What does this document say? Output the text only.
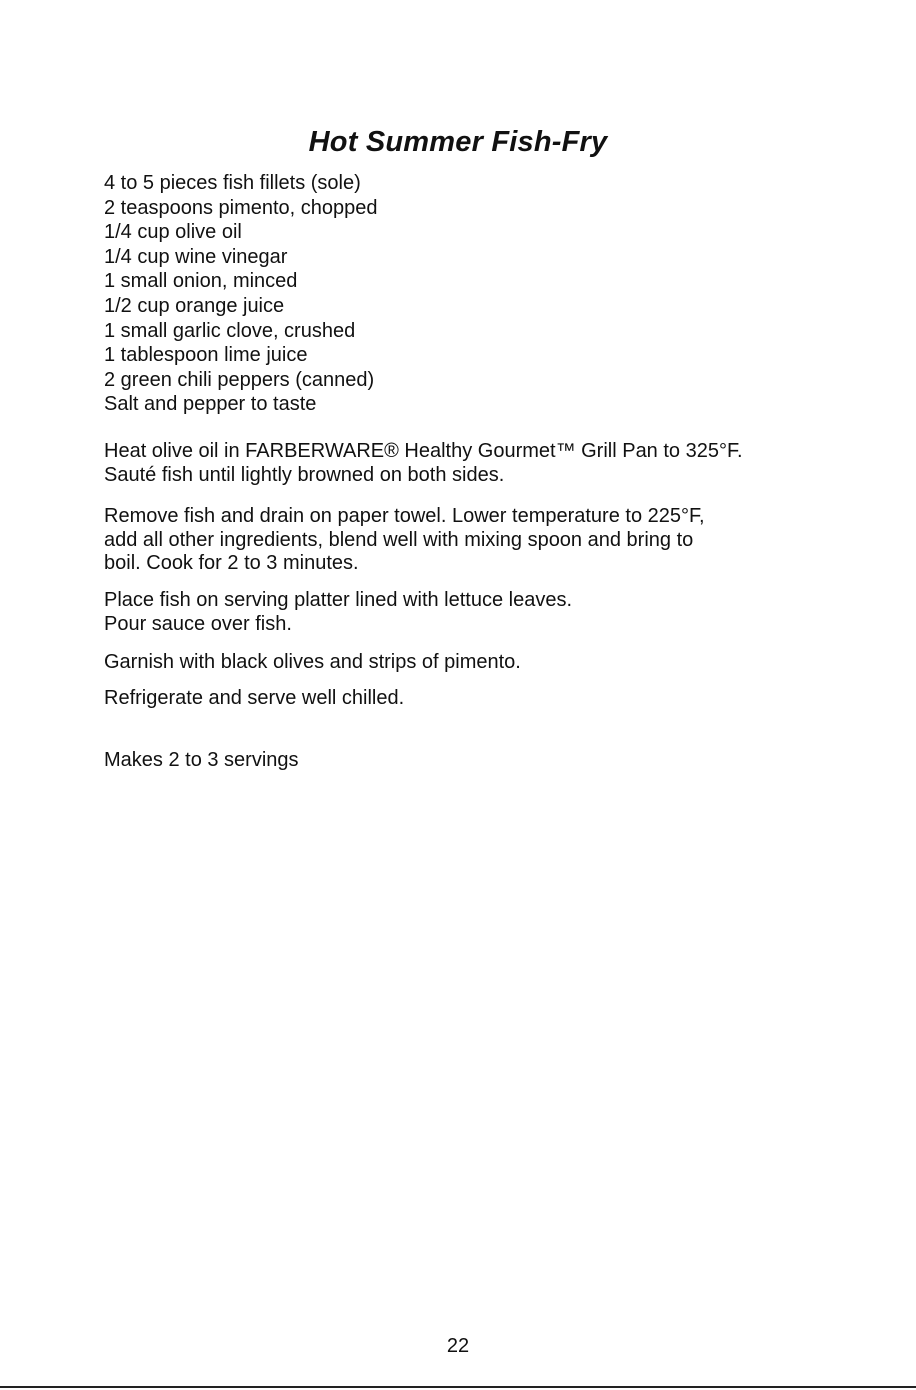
Hot Summer Fish-Fry
4 to 5 pieces fish fillets (sole)
2 teaspoons pimento, chopped
1/4 cup olive oil
1/4 cup wine vinegar
1 small onion, minced
1/2 cup orange juice
1 small garlic clove, crushed
1 tablespoon lime juice
2 green chili peppers (canned)
Salt and pepper to taste

Heat olive oil in FARBERWARE® Healthy Gourmet™ Grill Pan to 325°F.
Sauté fish until lightly browned on both sides.

Remove fish and drain on paper towel. Lower temperature to 225°F,
add all other ingredients, blend well with mixing spoon and bring to
boil. Cook for 2 to 3 minutes.

Place fish on serving platter lined with lettuce leaves.
Pour sauce over fish.

Garnish with black olives and strips of pimento.

Refrigerate and serve well chilled.

Makes 2 to 3 servings

22
